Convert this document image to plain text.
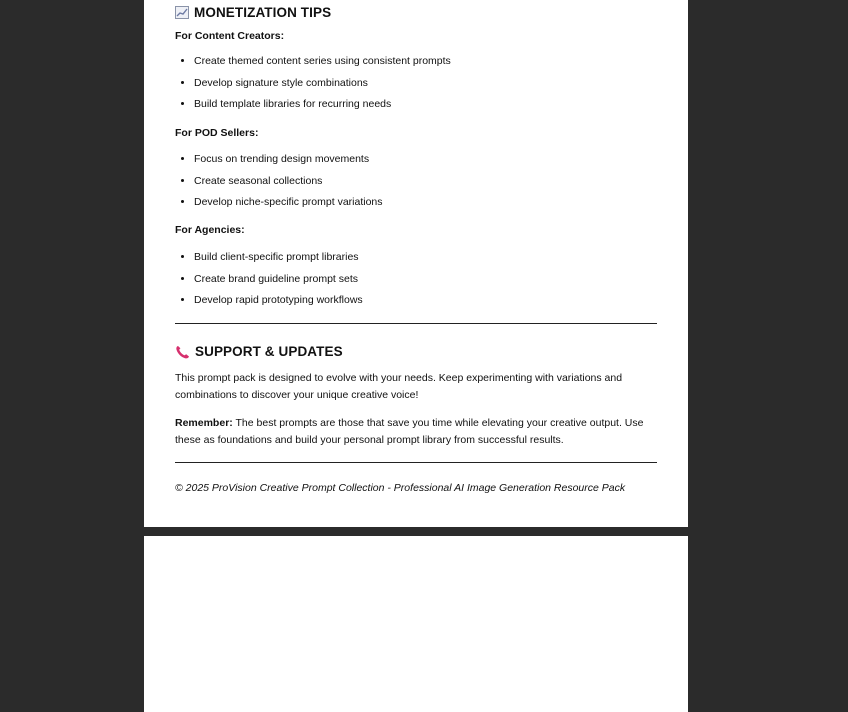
MONETIZATION TIPS
For Content Creators:
• Create themed content series using consistent prompts
• Develop signature style combinations
• Build template libraries for recurring needs
For POD Sellers:
• Focus on trending design movements
• Create seasonal collections
• Develop niche-specific prompt variations
For Agencies:
• Build client-specific prompt libraries
• Create brand guideline prompt sets
• Develop rapid prototyping workflows
SUPPORT & UPDATES

This prompt pack is designed to evolve with your needs. Keep experimenting with variations and combinations to discover your unique creative voice!

Remember: The best prompts are those that save you time while elevating your creative output. Use these as foundations and build your personal prompt library from successful results.

© 2025 ProVision Creative Prompt Collection - Professional AI Image Generation Resource Pack
